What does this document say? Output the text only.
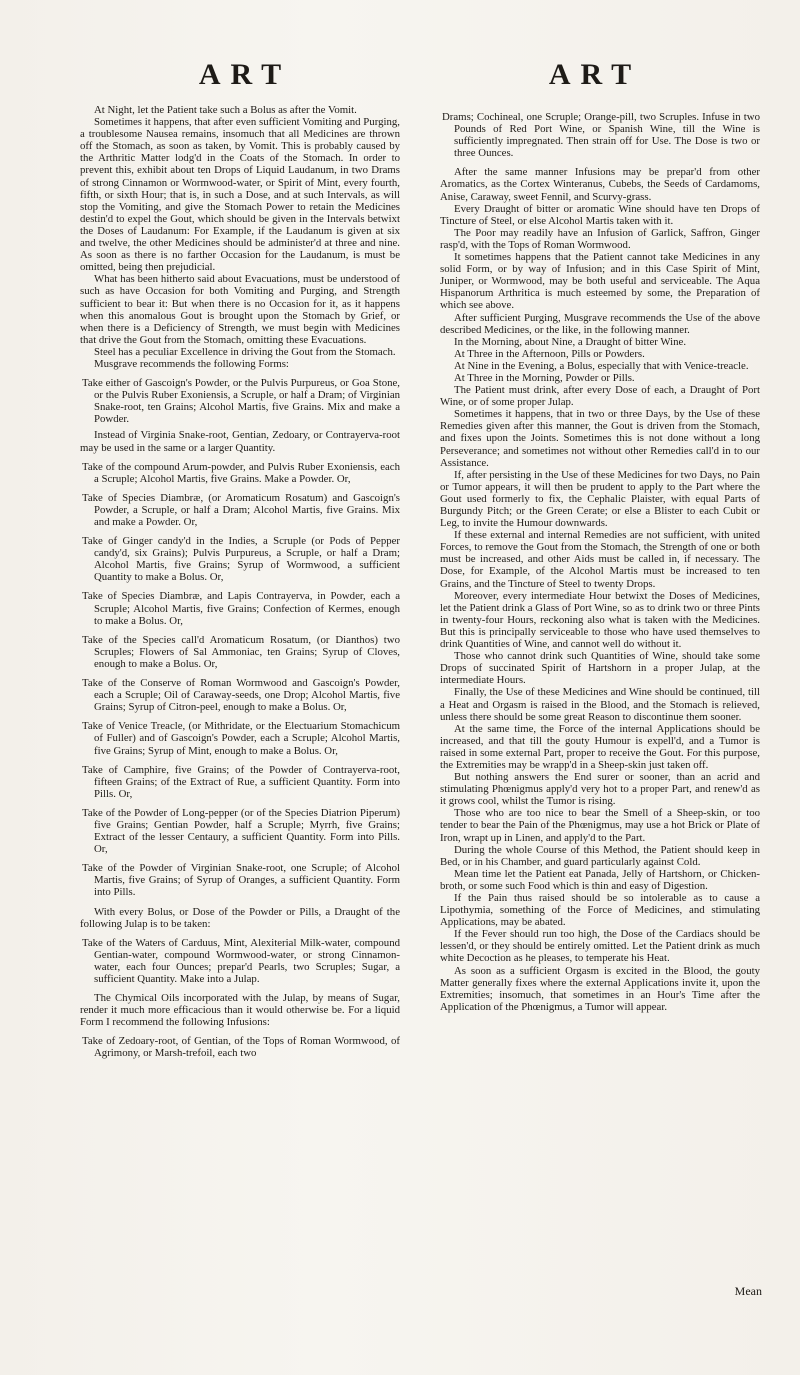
ART	ART

At Night, let the Patient take such a Bolus as after the Vomit.

Sometimes it happens, that after even sufficient Vomiting and Purging, a troublesome Nausea remains, insomuch that all Medicines are thrown off the Stomach, as soon as taken, by Vomit. This is probably caused by the Arthritic Matter lodg'd in the Coats of the Stomach. In order to prevent this, exhibit about ten Drops of Liquid Laudanum, in two Drams of strong Cinnamon or Wormwood-water, or Spirit of Mint, every fourth, fifth, or sixth Hour; that is, in such a Dose, and at such Intervals, as will stop the Vomiting, and give the Stomach Power to retain the Medicines destin'd to expel the Gout, which should be given in the Intervals betwixt the Doses of Laudanum: For Example, if the Laudanum is given at six and twelve, the other Medicines should be administer'd at three and nine. As soon as there is no farther Occasion for the Laudanum, is must be omitted, being then prejudicial.

What has been hitherto said about Evacuations, must be understood of such as have Occasion for both Vomiting and Purging, and Strength sufficient to bear it: But when there is no Occasion for it, as it happens when this anomalous Gout is brought upon the Stomach by Grief, or when there is a Deficiency of Strength, we must begin with Medicines that drive the Gout from the Stomach, omitting these Evacuations.

Steel has a peculiar Excellence in driving the Gout from the Stomach.

Musgrave recommends the following Forms:

Take either of Gascoign's Powder, or the Pulvis Purpureus, or Goa Stone, or the Pulvis Ruber Exoniensis, a Scruple, or half a Dram; of Virginian Snake-root, ten Grains; Alcohol Martis, five Grains. Mix and make a Powder.

Instead of Virginia Snake-root, Gentian, Zedoary, or Contrayerva-root may be used in the same or a larger Quantity.

Take of the compound Arum-powder, and Pulvis Ruber Exoniensis, each a Scruple; Alcohol Martis, five Grains. Make a Powder. Or,

Take of Species Diambræ, (or Aromaticum Rosatum) and Gascoign's Powder, a Scruple, or half a Dram; Alcohol Martis, five Grains. Mix and make a Powder. Or,

Take of Ginger candy'd in the Indies, a Scruple (or Pods of Pepper candy'd, six Grains); Pulvis Purpureus, a Scruple, or half a Dram; Alcohol Martis, five Grains; Syrup of Wormwood, a sufficient Quantity to make a Bolus. Or,

Take of Species Diambræ, and Lapis Contrayerva, in Powder, each a Scruple; Alcohol Martis, five Grains; Confection of Kermes, enough to make a Bolus. Or,

Take of the Species call'd Aromaticum Rosatum, (or Dianthos) two Scruples; Flowers of Sal Ammoniac, ten Grains; Syrup of Cloves, enough to make a Bolus. Or,

Take of the Conserve of Roman Wormwood and Gascoign's Powder, each a Scruple; Oil of Caraway-seeds, one Drop; Alcohol Martis, five Grains; Syrup of Citron-peel, enough to make a Bolus. Or,

Take of Venice Treacle, (or Mithridate, or the Electuarium Stomachicum of Fuller) and of Gascoign's Powder, each a Scruple; Alcohol Martis, five Grains; Syrup of Mint, enough to make a Bolus. Or,

Take of Camphire, five Grains; of the Powder of Contrayerva-root, fifteen Grains; of the Extract of Rue, a sufficient Quantity. Form into Pills. Or,

Take of the Powder of Long-pepper (or of the Species Diatrion Piperum) five Grains; Gentian Powder, half a Scruple; Myrrh, five Grains; Extract of the lesser Centaury, a sufficient Quantity. Form into Pills. Or,

Take of the Powder of Virginian Snake-root, one Scruple; of Alcohol Martis, five Grains; of Syrup of Oranges, a sufficient Quantity. Form into Pills.

With every Bolus, or Dose of the Powder or Pills, a Draught of the following Julap is to be taken:

Take of the Waters of Carduus, Mint, Alexiterial Milk-water, compound Gentian-water, compound Wormwood-water, or strong Cinnamon-water, each four Ounces; prepar'd Pearls, two Scruples; Sugar, a sufficient Quantity. Make into a Julap.

The Chymical Oils incorporated with the Julap, by means of Sugar, render it much more efficacious than it would otherwise be. For a liquid Form I recommend the following Infusions:

Take of Zedoary-root, of Gentian, of the Tops of Roman Wormwood, of Agrimony, or Marsh-trefoil, each two

Drams; Cochineal, one Scruple; Orange-pill, two Scruples. Infuse in two Pounds of Red Port Wine, or Spanish Wine, till the Wine is sufficiently impregnated. Then strain off for Use. The Dose is two or three Ounces.

After the same manner Infusions may be prepar'd from other Aromatics, as the Cortex Winteranus, Cubebs, the Seeds of Cardamoms, Anise, Caraway, sweet Fennil, and Scurvy-grass.

Every Draught of bitter or aromatic Wine should have ten Drops of Tincture of Steel, or else Alcohol Martis taken with it.

The Poor may readily have an Infusion of Garlick, Saffron, Ginger rasp'd, with the Tops of Roman Wormwood.

It sometimes happens that the Patient cannot take Medicines in any solid Form, or by way of Infusion; and in this Case Spirit of Mint, Juniper, or Wormwood, may be both useful and serviceable. The Aqua Hispanorum Arthritica is much esteemed by some, the Preparation of which see above.

After sufficient Purging, Musgrave recommends the Use of the above described Medicines, or the like, in the following manner.

In the Morning, about Nine, a Draught of bitter Wine.

At Three in the Afternoon, Pills or Powders.

At Nine in the Evening, a Bolus, especially that with Venice-treacle.

At Three in the Morning, Powder or Pills.

The Patient must drink, after every Dose of each, a Draught of Port Wine, or of some proper Julap.

Sometimes it happens, that in two or three Days, by the Use of these Remedies given after this manner, the Gout is driven from the Stomach, and fixes upon the Joints. Sometimes this is not done without a long Perseverance; and sometimes not without other Remedies call'd in to our Assistance.

If, after persisting in the Use of these Medicines for two Days, no Pain or Tumor appears, it will then be prudent to apply to the Part where the Gout used formerly to fix, the Cephalic Plaister, with equal Parts of Burgundy Pitch; or the Green Cerate; or else a Blister to each Cubit or Leg, to invite the Humour downwards.

If these external and internal Remedies are not sufficient, with united Forces, to remove the Gout from the Stomach, the Strength of one or both must be increased, and other Aids must be called in, if necessary. The Dose, for Example, of the Alcohol Martis must be increased to ten Grains, and the Tincture of Steel to twenty Drops.

Moreover, every intermediate Hour betwixt the Doses of Medicines, let the Patient drink a Glass of Port Wine, so as to drink two or three Pints in twenty-four Hours, reckoning also what is taken with the Medicines. But this is principally serviceable to those who have used themselves to drink Quantities of Wine, and cannot well do without it.

Those who cannot drink such Quantities of Wine, should take some Drops of succinated Spirit of Hartshorn in a proper Julap, at the intermediate Hours.

Finally, the Use of these Medicines and Wine should be continued, till a Heat and Orgasm is raised in the Blood, and the Stomach is relieved, unless there should be some great Reason to discontinue them sooner.

At the same time, the Force of the internal Applications should be increased, and that till the gouty Humour is expell'd, and a Tumor is raised in some external Part, proper to receive the Gout. For this purpose, the Extremities may be wrapp'd in a Sheep-skin just taken off.

But nothing answers the End surer or sooner, than an acrid and stimulating Phœnigmus apply'd very hot to a proper Part, and renew'd as it grows cool, whilst the Tumor is rising.

Those who are too nice to bear the Smell of a Sheep-skin, or too tender to bear the Pain of the Phœnigmus, may use a hot Brick or Plate of Iron, wrapt up in Linen, and apply'd to the Part.

During the whole Course of this Method, the Patient should keep in Bed, or in his Chamber, and guard particularly against Cold.

Mean time let the Patient eat Panada, Jelly of Hartshorn, or Chicken-broth, or some such Food which is thin and easy of Digestion.

If the Pain thus raised should be so intolerable as to cause a Lipothymia, something of the Force of Medicines, and stimulating Applications, may be abated.

If the Fever should run too high, the Dose of the Cardiacs should be lessen'd, or they should be entirely omitted. Let the Patient drink as much white Decoction as he pleases, to temperate his Heat.

As soon as a sufficient Orgasm is excited in the Blood, the gouty Matter generally fixes where the external Applications invite it, upon the Extremities; insomuch, that sometimes in an Hour's Time after the Application of the Phœnigmus, a Tumor will appear.

Mean
